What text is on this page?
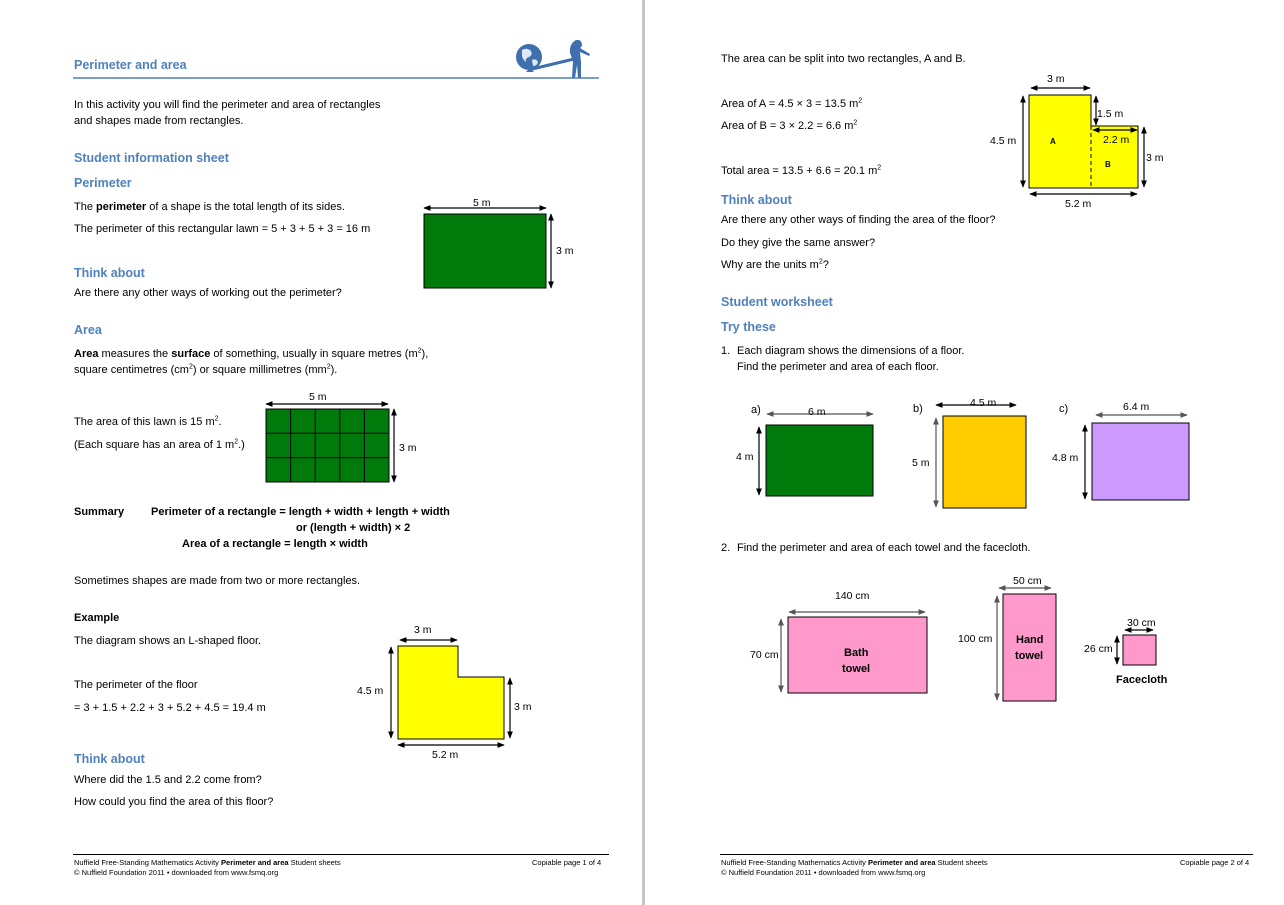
Perimeter and area
In this activity you will find the perimeter and area of rectangles
and shapes made from rectangles.
Student information sheet
Perimeter
The perimeter of a shape is the total length of its sides.
The perimeter of this rectangular lawn = 5 + 3 + 5 + 3 = 16 m
5 m
3 m
Think about
Are there any other ways of working out the perimeter?
Area
Area measures the surface of something, usually in square metres $(m^2)$,
square centimetres $(cm^2)$ or square millimetres $(mm^2)$.
The area of this lawn is 15 $m^2$.
(Each square has an area of 1 $m^2$.)
5 m
3 m
Summary Perimeter of a rectangle = length + width + length + width
or (length + width) × 2
Area of a rectangle = length × width
Sometimes shapes are made from two or more rectangles.
Example
The diagram shows an L-shaped floor.
The perimeter of the floor
= 3 + 1.5 + 2.2 + 3 + 5.2 + 4.5 = 19.4 m
3 m
4.5 m
3 m
5.2 m
Think about
Where did the 1.5 and 2.2 come from?
How could you find the area of this floor?
Nuffield Free-Standing Mathematics Activity Perimeter and area Student sheets
© Nuffield Foundation 2011 • downloaded from www.fsmq.org
Copiable page 1 of 4
The area can be split into two rectangles, A and B.
Area of A = 4.5 × 3 = 13.5 $m^2$
Area of B = 3 × 2.2 = 6.6 $m^2$
Total area = 13.5 + 6.6 = 20.1 $m^2$
3 m
1.5 m
2.2 m
4.5 m
3 m
5.2 m
A
B
Think about
Are there any other ways of finding the area of the floor?
Do they give the same answer?
Why are the units $m^2$?
Student worksheet
Try these
1. Each diagram shows the dimensions of a floor.
Find the perimeter and area of each floor.
a)	6 m
4 m
b)	4.5 m
5 m
c)	6.4 m
4.8 m
2. Find the perimeter and area of each towel and the facecloth.
140 cm
70 cm	Bath
towel
50 cm
100 cm Hand
towel
30 cm
26 cm
Facecloth
Nuffield Free-Standing Mathematics Activity Perimeter and area Student sheets
© Nuffield Foundation 2011 • downloaded from www.fsmq.org
Copiable page 2 of 4
